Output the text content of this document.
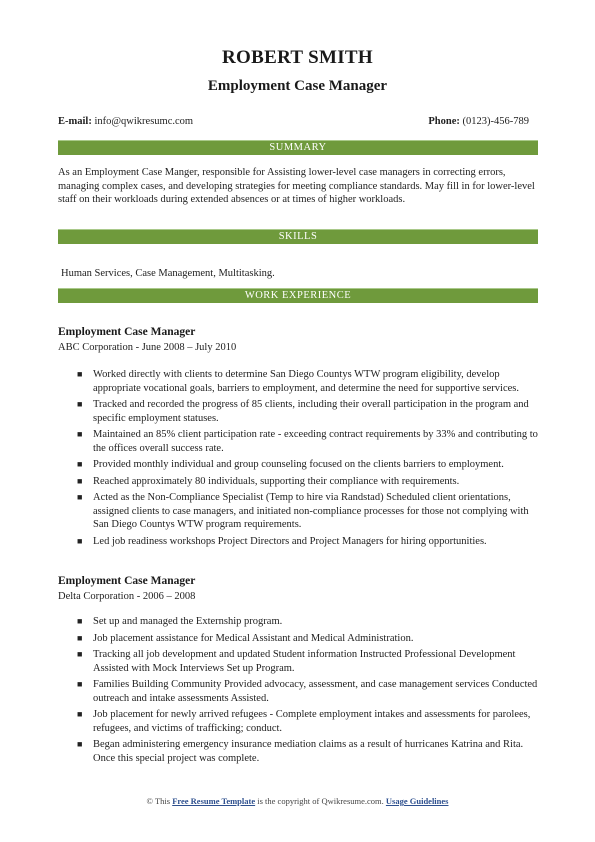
ROBERT SMITH
Employment Case Manager
E-mail: info@qwikresumc.com	Phone: (0123)-456-789
SUMMARY
As an Employment Case Manger, responsible for Assisting lower-level case managers in correcting errors, managing complex cases, and developing strategies for meeting compliance standards. May fill in for lower-level staff on their workloads during extended absences or at times of higher workloads.
SKILLS
Human Services, Case Management, Multitasking.
WORK EXPERIENCE
Employment Case Manager
ABC Corporation - June 2008 – July 2010
■ Worked directly with clients to determine San Diego Countys WTW program eligibility, develop appropriate vocational goals, barriers to employment, and determine the need for supportive services.
■ Tracked and recorded the progress of 85 clients, including their overall participation in the program and specific employment statuses.
■ Maintained an 85% client participation rate - exceeding contract requirements by 33% and contributing to the offices overall success rate.
■ Provided monthly individual and group counseling focused on the clients barriers to employment.
■ Reached approximately 80 individuals, supporting their compliance with requirements.
■ Acted as the Non-Compliance Specialist (Temp to hire via Randstad) Scheduled client orientations, assigned clients to case managers, and initiated non-compliance processes for those not complying with San Diego Countys WTW program requirements.
■ Led job readiness workshops Project Directors and Project Managers for hiring opportunities.
Employment Case Manager
Delta Corporation - 2006 – 2008
■ Set up and managed the Externship program.
■ Job placement assistance for Medical Assistant and Medical Administration.
■ Tracking all job development and updated Student information Instructed Professional Development Assisted with Mock Interviews Set up Program.
■ Families Building Community Provided advocacy, assessment, and case management services Conducted outreach and intake assessments Assisted.
■ Job placement for newly arrived refugees - Complete employment intakes and assessments for parolees, refugees, and victims of trafficking; conduct.
■ Began administering emergency insurance mediation claims as a result of hurricanes Katrina and Rita. Once this special project was complete.
© This Free Resume Template is the copyright of Qwikresume.com. Usage Guidelines
